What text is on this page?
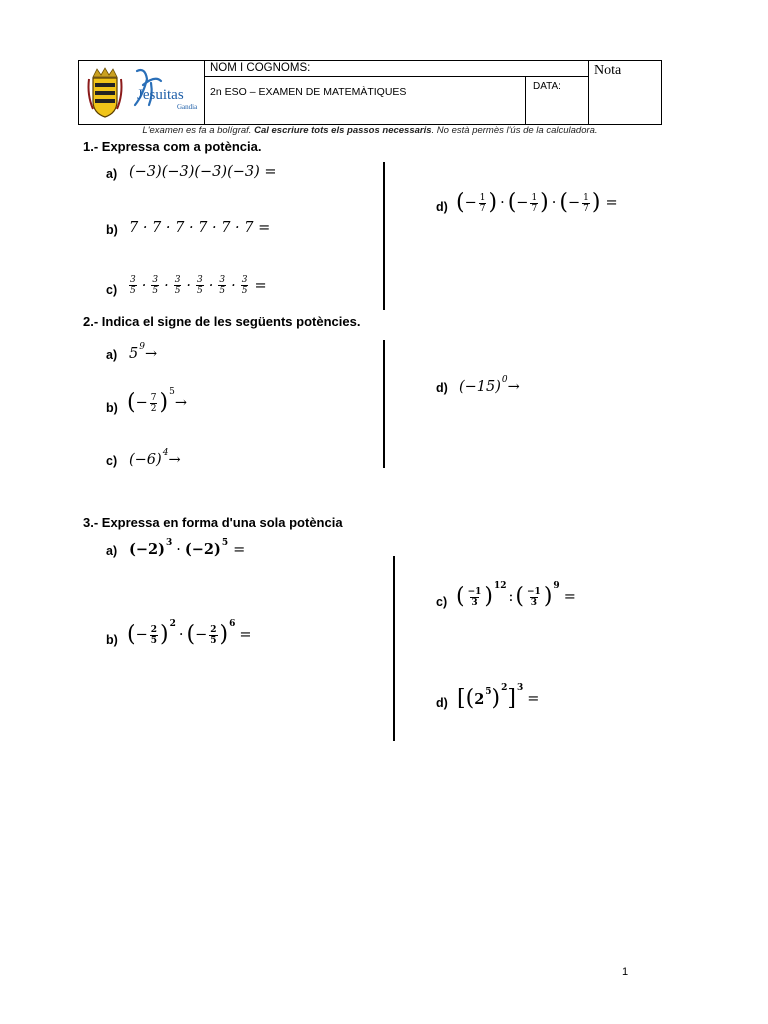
Jesuitas
Gandia
NOM I COGNOMS:
2n ESO – EXAMEN DE MATEMÀTIQUES	DATA:
Nota
L'examen es fa a bolígraf. Cal escriure tots els passos necessaris. No està permès l'ús de la calculadora.
1.- Expressa com a potència.
a) (−3)(−3)(−3)(−3) =
b) 7 · 7 · 7 · 7 · 7 · 7 =
$c) \frac{3}{5} \cdot \frac{3}{5} \cdot \frac{3}{5} \cdot \frac{3}{5} \cdot \frac{3}{5} \cdot \frac{3}{5}$ =
d) ( − $\frac{1}{7}$ ) · ( − $\frac{1}{7}$ ) · ( − $\frac{1}{7}$ ) =
2.- Indica el signe de les següents potències.
a) 5 9 →
b) ( − $\frac{7}{2}$ ) 5
→
c) (−6) 4 →
d) (−15) 0 →
3.- Expressa en forma d'una sola potència
a) (−2) 3 · (−2) 5 =
b) ( − $\frac{2}{5}$ ) 2
· ( − $\frac{2}{5}$ ) 6
=
c) ( $\frac{-1}{3}$ ) 12
: ( $\frac{-1}{3}$ ) 9
=
d) [ ( 2 5 ) 2 ] 3
=
1
